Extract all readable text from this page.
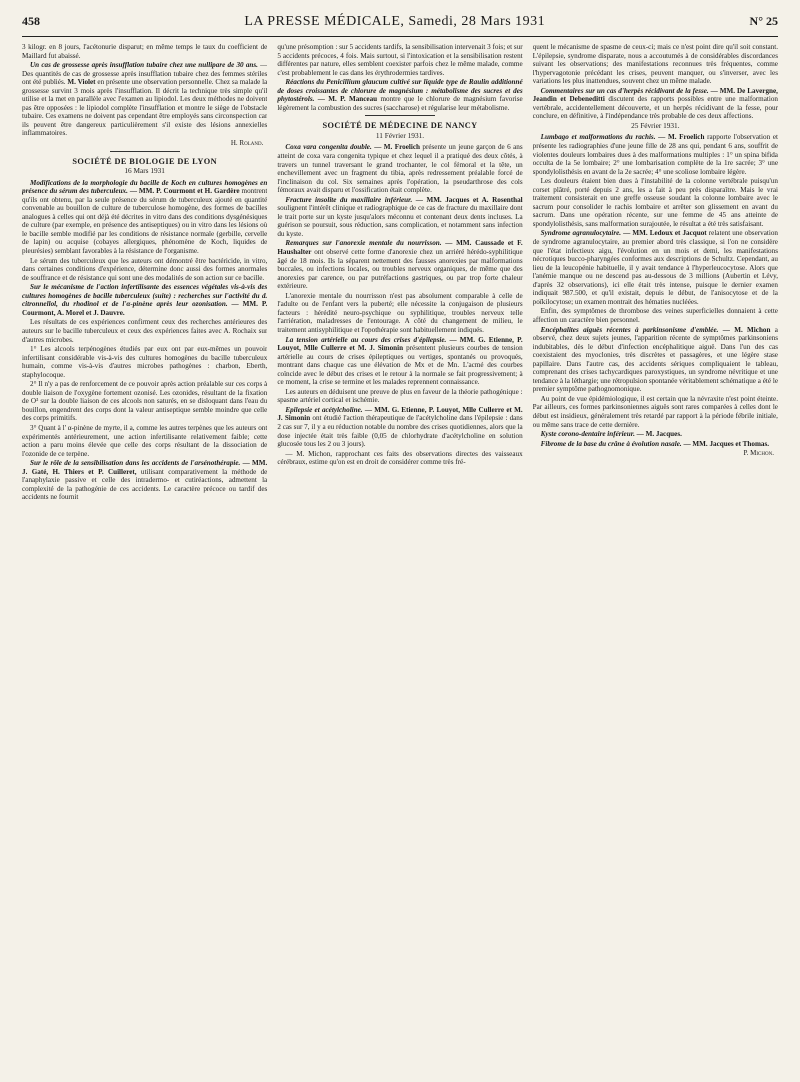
458	LA PRESSE MÉDICALE, Samedi, 28 Mars 1931	N° 25

3 kilogr. en 8 jours, l'acétonurie disparut; en même temps le taux du coefficient de Maillard fut abaissé.

Un cas de grossesse après insufflation tubaire chez une nullipare de 30 ans. — Des quantités de cas de grossesse après insufflation tubaire chez des femmes stériles ont été publiés. M. Violet en présente une observation personnelle. Chez sa malade la grossesse survint 3 mois après l'insufflation. Il décrit la technique très simple qu'il utilise et la met en parallèle avec l'examen au lipiodol. Les deux méthodes ne doivent pas être opposées : le lipiodol complète l'insufflation et montre le siège de l'obstacle tubaire. Ces examens ne doivent pas cependant être employés sans circonspection car ils peuvent être dangereux particulièrement s'il existe des lésions annexielles inflammatoires.

H. Roland.
SOCIÉTÉ DE BIOLOGIE DE LYON
16 Mars 1931

Modifications de la morphologie du bacille de Koch en cultures homogènes en présence du sérum des tuberculeux. — MM. P. Courmont et H. Gardère montrent qu'ils ont obtenu, par la seule présence du sérum de tuberculeux ajouté en quantité convenable au bouillon de culture de tuberculose homogène, des formes de bacilles analogues à celles qui ont déjà été décrites in vitro dans des conditions dysgénésiques de culture (par exemple, en présence des antiseptiques) ou in vitro dans les lésions où le bacille semble modifié par les conditions de résistance normale (gerbille, cervelle de lapin) ou acquise (cobayes allergiques, phénomène de Koch, liquides de pleurésies) semblant favorables à la résistance de l'organisme.

Le sérum des tuberculeux que les auteurs ont démontré être bactéricide, in vitro, dans certaines conditions d'expérience, détermine donc aussi des formes anormales de souffrance et de résistance qui sont une des modalités de son action sur ce bacille.

Sur le mécanisme de l'action infertilisante des essences végétales vis-à-vis des cultures homogènes de bacille tuberculeux (suite) : recherches sur l'activité du d. citronnellol, du rhodinol et de l'α-pinène après leur ozonisation. — MM. P. Courmont, A. Morel et J. Dauvre.

Les résultats de ces expériences confirment ceux des recherches antérieures des auteurs sur le bacille tuberculeux et ceux des expériences faites avec A. Rochaix sur d'autres microbes.

1° Les alcools terpénogènes étudiés par eux ont par eux-mêmes un pouvoir infertilisant considérable vis-à-vis des cultures homogènes du bacille tuberculeux humain, comme vis-à-vis d'autres microbes pathogènes : charbon, Eberth, staphylocoque.

2° Il n'y a pas de renforcement de ce pouvoir après action préalable sur ces corps à double liaison de l'oxygène fortement ozonisé. Les ozonides, résultant de la fixation de O³ sur la double liaison de ces alcools non saturés, en se disloquant dans l'eau du bouillon, engendrent des corps dont la valeur antiseptique semble moindre que celle des corps primitifs.

3° Quant à l' α-pinène de myrte, il a, comme les autres terpènes que les auteurs ont expérimentés antérieurement, une action infertilisante relativement faible; cette action a paru moins élevée que celle des corps résultant de la dissociation de l'ozonide de ce terpène.

Sur le rôle de la sensibilisation dans les accidents de l'arsénothérapie. — MM. J. Gaté, H. Thiers et P. Cuilleret, utilisant comparativement la méthode de l'anaphylaxie passive et celle des intradermo- et cutiréactions, admettent la complexité de la pathogénie de ces accidents. Le caractère précoce ou tardif des accidents ne fournit

qu'une présomption : sur 5 accidents tardifs, la sensibilisation intervenait 3 fois; et sur 5 accidents précoces, 4 fois. Mais surtout, si l'intoxication et la sensibilisation restent différentes par nature, elles semblent coexister parfois chez le même malade, comme c'est probablement le cas dans les érythrodermies tardives.

Réactions du Penicillium glaucum cultivé sur liquide type de Raulin additionné de doses croissantes de chlorure de magnésium : métabolisme des sucres et des phytostérols. — M. P. Manceau montre que le chlorure de magnésium favorise légèrement la combustion des sucres (saccharose) et régularise leur métabolisme.

SOCIÉTÉ DE MÉDECINE DE NANCY
11 Février 1931.

Coxa vara congenita double. — M. Froelich présente un jeune garçon de 6 ans atteint de coxa vara congenita typique et chez lequel il a pratiqué des deux côtés, à travers un tunnel traversant le grand trochanter, le col fémoral et la tête, un enchevillement avec un fragment du tibia, après redressement préalable forcé de l'inclinaison du col. Six semaines après l'opération, la pseudarthrose des cols fémoraux avait disparu et l'ossification était complète.

Fracture insolite du maxillaire inférieur. — MM. Jacques et A. Rosenthal soulignent l'intérêt clinique et radiographique de ce cas de fracture du maxillaire dont le trait porte sur un kyste jusqu'alors méconnu et contenant deux dents incluses. La guérison se poursuit, sous réduction, sans complication, et notamment sans infection du kyste.

Remarques sur l'anorexie mentale du nourrisson. — MM. Caussade et F. Haushalter ont observé cette forme d'anorexie chez un arriéré hérédo-syphilitique âgé de 18 mois. Ils la séparent nettement des fausses anorexies par malformations buccales, ou infections locales, ou troubles nerveux organiques, de même que des anorexies par carence, ou par putréfactions gastriques, ou par trop forte chaleur extérieure.

L'anorexie mentale du nourrisson n'est pas absolument comparable à celle de l'adulte ou de l'enfant vers la puberté; elle nécessite la conjugaison de plusieurs facteurs : hérédité neuro-psychique ou syphilitique, troubles nerveux telle l'arriération, maladresses de l'entourage. A côté du changement de milieu, le traitement antisyphilitique et l'opothérapie sont habituellement indiqués.

La tension artérielle au cours des crises d'épilepsie. — MM. G. Etienne, P. Louyot, Mlle Cullerre et M. J. Simonin présentent plusieurs courbes de tension artérielle au cours de crises épileptiques ou vertiges, spontanés ou provoqués, montrant dans chaque cas une élévation de Mx et de Mn. L'acmé des courbes coïncide avec le début des crises et le retour à la normale se fait progressivement; à ce moment, la crise se termine et les malades reprennent connaissance.

Les auteurs en déduisent une preuve de plus en faveur de la théorie pathogénique : spasme artériel cortical et ischémie.

Epilepsie et acétylcholine. — MM. G. Etienne, P. Louyot, Mlle Cullerre et M. J. Simonin ont étudié l'action thérapeutique de l'acétylcholine dans l'épilepsie : dans 2 cas sur 7, il y a eu réduction notable du nombre des crises quotidiennes, alors que la dose injectée était très faible (0,05 de chlorhydrate d'acétylcholine en solution glucosée tous les 2 ou 3 jours).

— M. Michon, rapprochant ces faits des observations directes des vaisseaux cérébraux, estime qu'on est en droit de considérer comme très fré-

quent le mécanisme de spasme de ceux-ci; mais ce n'est point dire qu'il soit constant. L'épilepsie, syndrome disparate, nous a accoutumés à de considérables discordances suivant les observations; des manifestations reconnues très fréquentes, comme l'hypervagotonie précédant les crises, peuvent manquer, ou s'inverser, avec les variations les plus inattendues, souvent chez un même malade.

Commentaires sur un cas d'herpès récidivant de la fesse. — MM. De Lavergne, Jeandin et Debeneditti discutent des rapports possibles entre une malformation vertébrale, accidentellement découverte, et un herpès récidivant de la fesse, pour conclure, en définitive, à l'indépendance très probable de ces deux affections.

25 Février 1931.

Lumbago et malformations du rachis. — M. Froelich rapporte l'observation et présente les radiographies d'une jeune fille de 28 ans qui, pendant 6 ans, souffrit de violentes douleurs lombaires dues à des malformations multiples : 1° un spina bifida occulta de la 5e lombaire; 2° une lombarisation complète de la 1re sacrée; 3° une spondylolisthésis en avant de la 2e sacrée; 4° une scoliose lombaire légère.

Les douleurs étaient bien dues à l'instabilité de la colonne vertébrale puisqu'un corset plâtré, porté depuis 2 ans, les a fait à peu près disparaître. Mais le vrai traitement consisterait en une greffe osseuse soudant la colonne lombaire avec le sacrum pour consolider le rachis lombaire et arrêter son glissement en avant du sacrum. Dans une opération récente, sur une femme de 45 ans atteinte de spondylolisthésis, sans malformation surajoutée, le résultat a été très satisfaisant.

Syndrome agranulocytaire. — MM. Ledoux et Jacquot relatent une observation de syndrome agranulocytaire, au premier abord très classique, si l'on ne considère que l'état infectieux aigu, l'évolution en un mois et demi, les manifestations nécrotiques bucco-pharyngées conformes aux descriptions de Schultz. Cependant, au lieu de la leucopénie habituelle, il y avait tendance à l'hyperleucocytose. Alors que l'anémie manque ou ne descend pas au-dessous de 3 millions (Aubertin et Lévy, d'après 32 observations), ici elle était très intense, puisque le dernier examen indiquait 987.500, et qu'il existait, depuis le début, de l'anisocytose et de la poïkilocytose; un examen montrait des hématies nucléées.

Enfin, des symptômes de thrombose des veines superficielles donnaient à cette affection un caractère bien personnel.

Encéphalites aiguës récentes à parkinsonisme d'emblée. — M. Michon a observé, chez deux sujets jeunes, l'apparition récente de symptômes parkinsoniens indubitables, dès le début d'infection encéphalitique aiguë. Dans l'un des cas coexistaient des myoclonies, très discrètes et passagères, et une légère stase papillaire. Dans l'autre cas, des accidents sériques compliquaient le tableau, comprenant des crises tachycardiques paroxystiques, un syndrome névritique et une tendance à la léthargie; une rétropulsion spontanée véritablement schématique a été le premier symptôme pathognomonique.

Au point de vue épidémiologique, il est certain que la névraxite n'est point éteinte. Par ailleurs, ces formes parkinsoniennes aiguës sont rares comparées à celles dont le début est insidieux, généralement très retardé par rapport à la période fébrile initiale, ou même sans trace de cette dernière.

Kyste corono-dentaire inférieur. — M. Jacques.

Fibrome de la base du crâne à évolution nasale. — MM. Jacques et Thomas.

P. Michon.
